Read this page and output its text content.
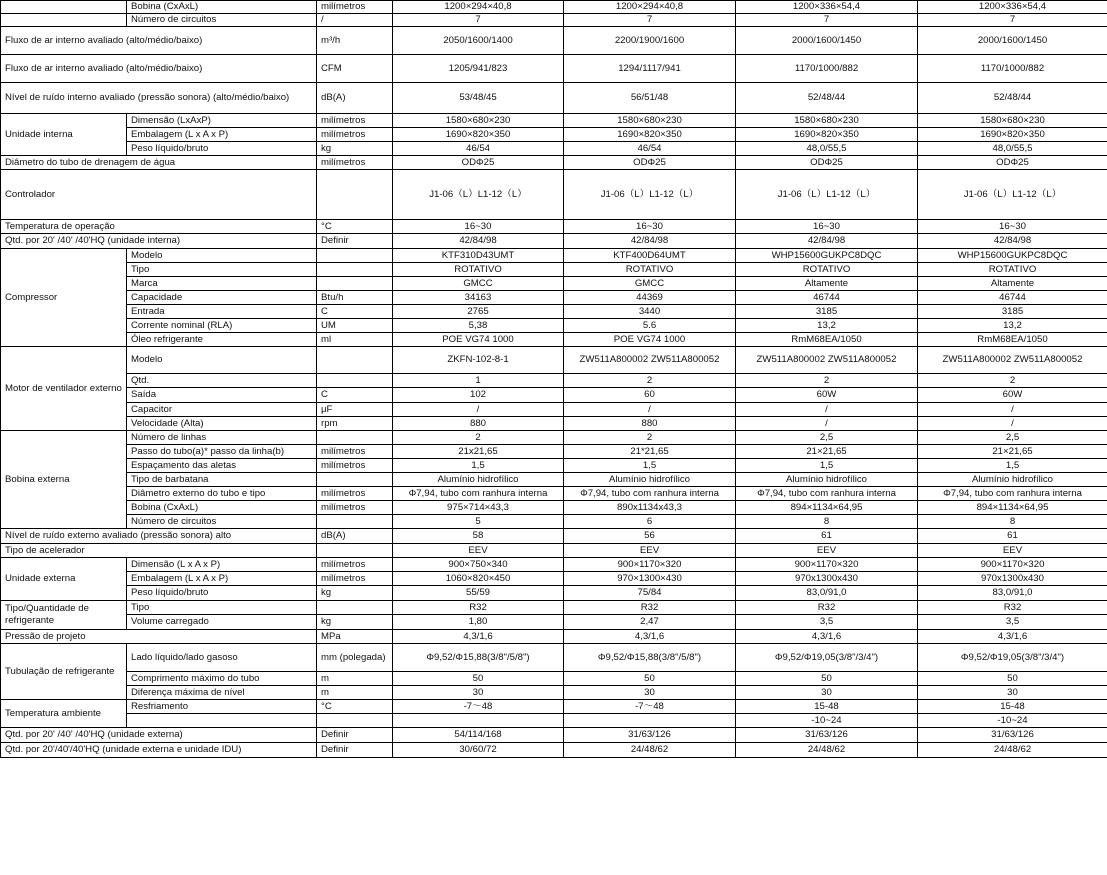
	Bobina (CxAxL)	milímetros	1200×294×40,8	1200×294×40,8	1200×336×54,4	1200×336×54,4
	Número de circuitos	/	7	7	7	7
Fluxo de ar interno avaliado (alto/médio/baixo)		m³/h	2050/1600/1400	2200/1900/1600	2000/1600/1450	2000/1600/1450
Fluxo de ar interno avaliado (alto/médio/baixo)		CFM	1205/941/823	1294/1117/941	1170/1000/882	1170/1000/882
Nível de ruído interno avaliado (pressão sonora) (alto/médio/baixo)		dB(A)	53/48/45	56/51/48	52/48/44	52/48/44
Unidade interna	Dimensão (LxAxP)	milímetros	1580×680×230	1580×680×230	1580×680×230	1580×680×230
	Embalagem (L x A x P)	milímetros	1690×820×350	1690×820×350	1690×820×350	1690×820×350
	Peso líquido/bruto	kg	46/54	46/54	48,0/55,5	48,0/55,5
Diâmetro do tubo de drenagem de água		milímetros	ODΦ25	ODΦ25	ODΦ25	ODΦ25
Controlador			J1-06（L）L1-12（L）	J1-06（L）L1-12（L）	J1-06（L）L1-12（L）	J1-06（L）L1-12（L）
Temperatura de operação		°C	16~30	16~30	16~30	16~30
Qtd. por 20' /40' /40'HQ (unidade interna)		Definir	42/84/98	42/84/98	42/84/98	42/84/98
Compressor	Modelo		KTF310D43UMT	KTF400D64UMT	WHP15600GUKPC8DQC	WHP15600GUKPC8DQC
	Tipo		ROTATIVO	ROTATIVO	ROTATIVO	ROTATIVO
	Marca		GMCC	GMCC	Altamente	Altamente
	Capacidade	Btu/h	34163	44369	46744	46744
	Entrada	C	2765	3440	3185	3185
	Corrente nominal (RLA)	UM	5,38	5.6	13,2	13,2
	Óleo refrigerante	ml	POE VG74 1000	POE VG74 1000	RmM68EA/1050	RmM68EA/1050
Motor de ventilador externo	Modelo		ZKFN-102-8-1	ZW511A800002 ZW511A800052	ZW511A800002 ZW511A800052	ZW511A800002 ZW511A800052
	Qtd.		1	2	2	2
	Saída	C	102	60	60W	60W
	Capacitor	μF	/	/	/	/
	Velocidade (Alta)	rpm	880	880	/	/
Bobina externa	Número de linhas		2	2	2,5	2,5
	Passo do tubo(a)* passo da linha(b)	milímetros	21x21,65	21*21,65	21×21,65	21×21,65
	Espaçamento das aletas	milímetros	1,5	1,5	1,5	1,5
	Tipo de barbatana		Alumínio hidrofílico	Alumínio hidrofílico	Alumínio hidrofílico	Alumínio hidrofílico
	Diâmetro externo do tubo e tipo	milímetros	Φ7,94, tubo com ranhura interna	Φ7,94, tubo com ranhura interna	Φ7,94, tubo com ranhura interna	Φ7,94, tubo com ranhura interna
	Bobina (CxAxL)	milímetros	975×714×43,3	890x1134x43,3	894×1134×64,95	894×1134×64,95
	Número de circuitos		5	6	8	8
Nível de ruído externo avaliado (pressão sonora) alto		dB(A)	58	56	61	61
Tipo de acelerador			EEV	EEV	EEV	EEV
Unidade externa	Dimensão (L x A x P)	milímetros	900×750×340	900×1170×320	900×1170×320	900×1170×320
	Embalagem (L x A x P)	milímetros	1060×820×450	970×1300×430	970x1300x430	970x1300x430
	Peso líquido/bruto	kg	55/59	75/84	83,0/91,0	83,0/91,0
Tipo/Quantidade de refrigerante	Tipo		R32	R32	R32	R32
	Volume carregado	kg	1,80	2,47	3,5	3,5
Pressão de projeto		MPa	4,3/1,6	4,3/1,6	4,3/1,6	4,3/1,6
Tubulação de refrigerante	Lado líquido/lado gasoso	mm (polegada)	Φ9,52/Φ15,88(3/8"/5/8")	Φ9,52/Φ15,88(3/8"/5/8")	Φ9,52/Φ19,05(3/8"/3/4")	Φ9,52/Φ19,05(3/8"/3/4")
	Comprimento máximo do tubo	m	50	50	50	50
	Diferença máxima de nível	m	30	30	30	30
Temperatura ambiente	Resfriamento	°C	-7～48	-7～48	15-48	15-48
					-10~24	-10~24
Qtd. por 20' /40' /40'HQ (unidade externa)		Definir	54/114/168	31/63/126	31/63/126	31/63/126
Qtd. por 20'/40'/40'HQ (unidade externa e unidade IDU)		Definir	30/60/72	24/48/62	24/48/62	24/48/62
